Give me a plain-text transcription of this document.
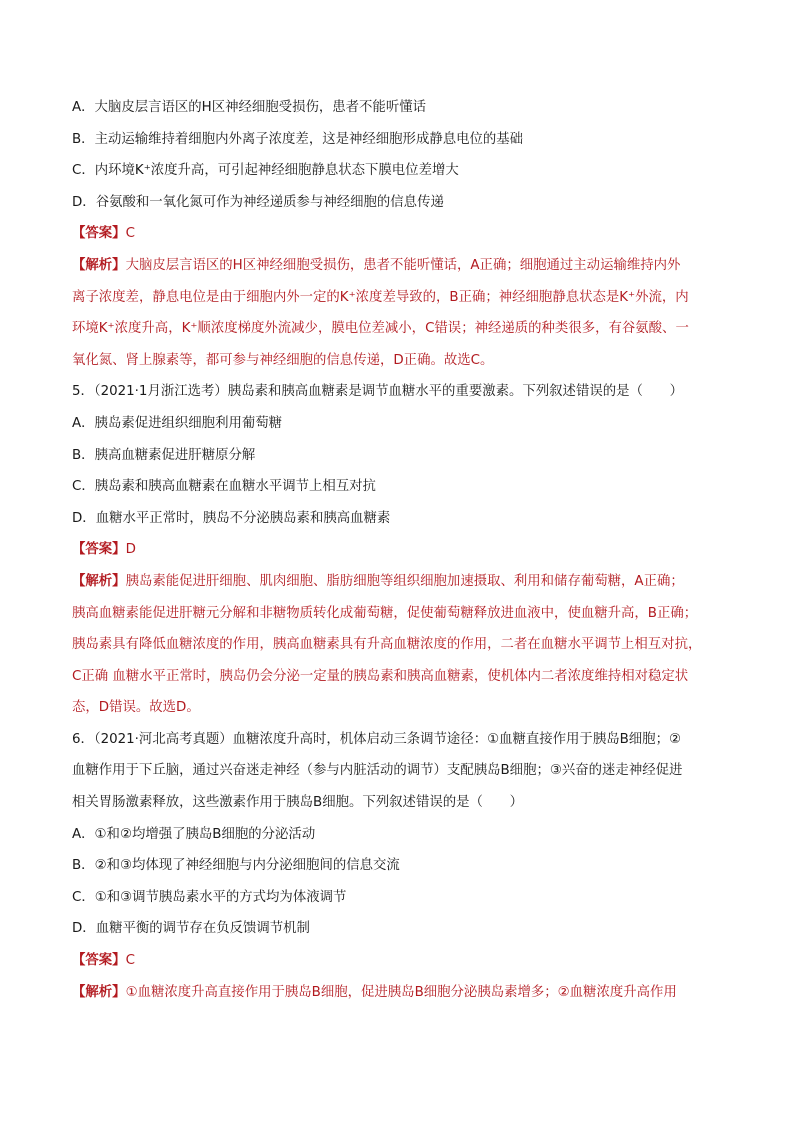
A．大脑皮层言语区的H区神经细胞受损伤，患者不能听懂话
B．主动运输维持着细胞内外离子浓度差，这是神经细胞形成静息电位的基础
C．内环境K⁺浓度升高，可引起神经细胞静息状态下膜电位差增大
D．谷氨酸和一氧化氮可作为神经递质参与神经细胞的信息传递
【答案】C
【解析】大脑皮层言语区的H区神经细胞受损伤，患者不能听懂话，A正确；细胞通过主动运输维持内外
离子浓度差，静息电位是由于细胞内外一定的K⁺浓度差导致的，B正确；神经细胞静息状态是K⁺外流，内
环境K⁺浓度升高，K⁺顺浓度梯度外流减少，膜电位差减小，C错误；神经递质的种类很多，有谷氨酸、一
氧化氮、肾上腺素等，都可参与神经细胞的信息传递，D正确。故选C。
5．（2021·1月浙江选考）胰岛素和胰高血糖素是调节血糖水平的重要激素。下列叙述错误的是（　　）
A．胰岛素促进组织细胞利用葡萄糖
B．胰高血糖素促进肝糖原分解
C．胰岛素和胰高血糖素在血糖水平调节上相互对抗
D．血糖水平正常时，胰岛不分泌胰岛素和胰高血糖素
【答案】D
【解析】胰岛素能促进肝细胞、肌肉细胞、脂肪细胞等组织细胞加速摄取、利用和储存葡萄糖，A正确；
胰高血糖素能促进肝糖元分解和非糖物质转化成葡萄糖，促使葡萄糖释放进血液中，使血糖升高，B正确；
胰岛素具有降低血糖浓度的作用，胰高血糖素具有升高血糖浓度的作用，二者在血糖水平调节上相互对抗，
C正确 血糖水平正常时，胰岛仍会分泌一定量的胰岛素和胰高血糖素，使机体内二者浓度维持相对稳定状
态，D错误。故选D。
6．（2021·河北高考真题）血糖浓度升高时，机体启动三条调节途径：①血糖直接作用于胰岛B细胞；②
血糖作用于下丘脑，通过兴奋迷走神经（参与内脏活动的调节）支配胰岛B细胞；③兴奋的迷走神经促进
相关胃肠激素释放，这些激素作用于胰岛B细胞。下列叙述错误的是（　　）
A．①和②均增强了胰岛B细胞的分泌活动
B．②和③均体现了神经细胞与内分泌细胞间的信息交流
C．①和③调节胰岛素水平的方式均为体液调节
D．血糖平衡的调节存在负反馈调节机制
【答案】C
【解析】①血糖浓度升高直接作用于胰岛B细胞，促进胰岛B细胞分泌胰岛素增多；②血糖浓度升高作用
